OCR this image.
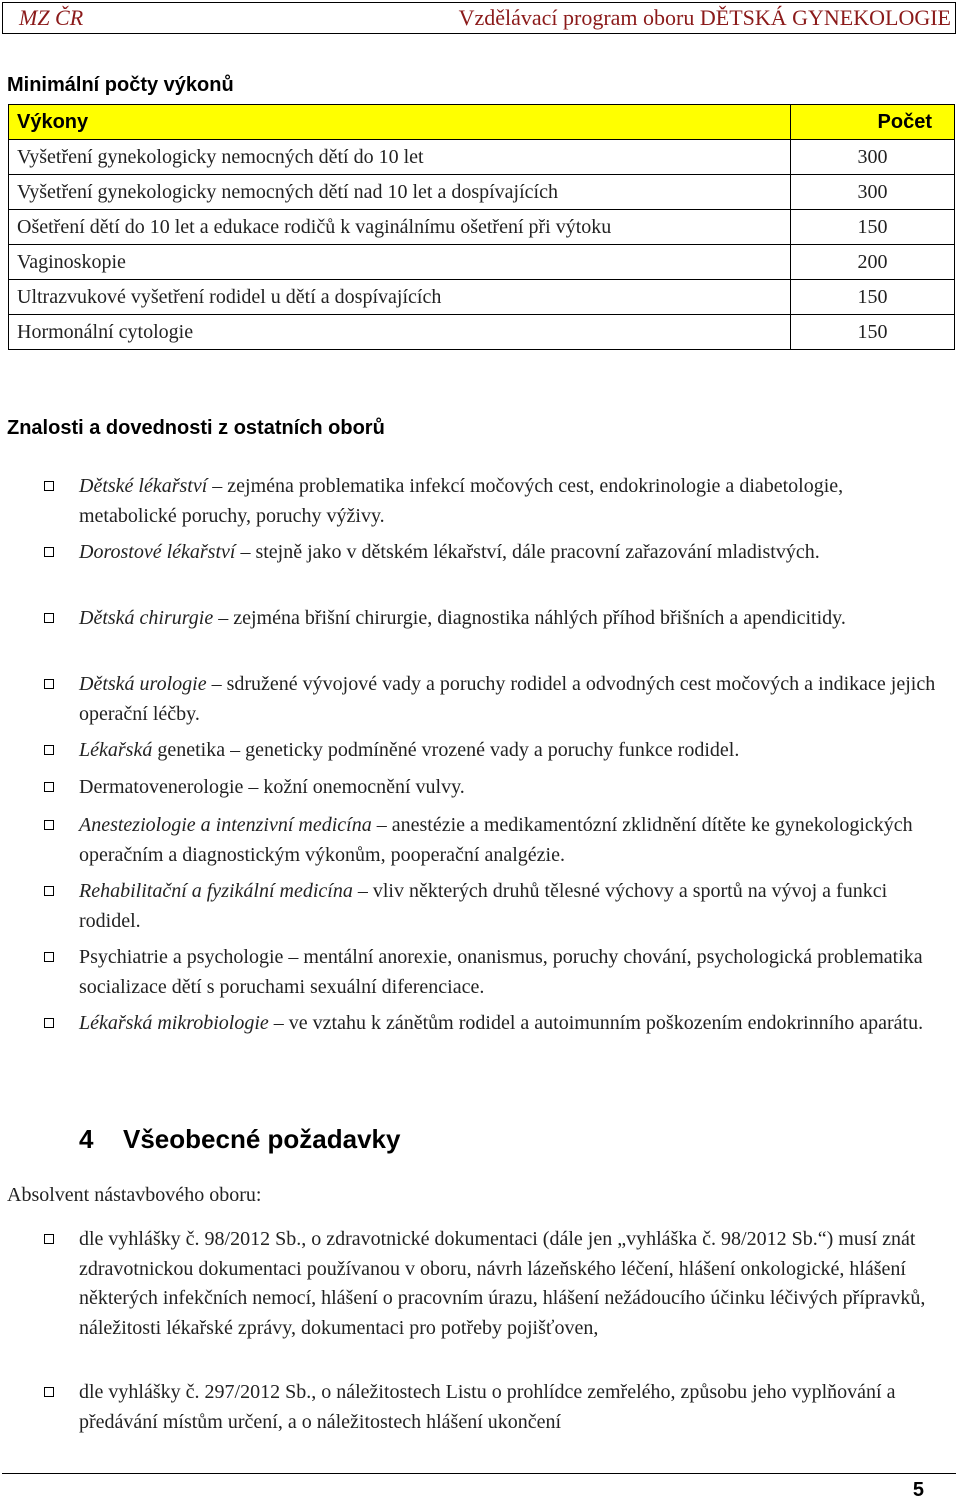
MZ ČR	Vzdělávací program oboru DĚTSKÁ GYNEKOLOGIE
Minimální počty výkonů
Výkony	Počet
Vyšetření gynekologicky nemocných dětí do 10 let	300
Vyšetření gynekologicky nemocných dětí nad 10 let a dospívajících	300
Ošetření dětí do 10 let a edukace rodičů k vaginálnímu ošetření při výtoku	150
Vaginoskopie	200
Ultrazvukové vyšetření rodidel u dětí a dospívajících	150
Hormonální cytologie	150
Znalosti a dovednosti z ostatních oborů
Dětské lékařství – zejména problematika infekcí močových cest, endokrinologie a diabetologie, metabolické poruchy, poruchy výživy.
Dorostové lékařství – stejně jako v dětském lékařství, dále pracovní zařazování mladistvých.
Dětská chirurgie – zejména břišní chirurgie, diagnostika náhlých příhod břišních a apendicitidy.
Dětská urologie – sdružené vývojové vady a poruchy rodidel a odvodných cest močových a indikace jejich operační léčby.
Lékařská genetika – geneticky podmíněné vrozené vady a poruchy funkce rodidel.
Dermatovenerologie – kožní onemocnění vulvy.
Anesteziologie a intenzivní medicína – anestézie a medikamentózní zklidnění dítěte ke gynekologických operačním a diagnostickým výkonům, pooperační analgézie.
Rehabilitační a fyzikální medicína – vliv některých druhů tělesné výchovy a sportů na vývoj a funkci rodidel.
Psychiatrie a psychologie – mentální anorexie, onanismus, poruchy chování, psychologická problematika socializace dětí s poruchami sexuální diferenciace.
Lékařská mikrobiologie – ve vztahu k zánětům rodidel a autoimunním poškozením endokrinního aparátu.
4 Všeobecné požadavky
Absolvent nástavbového oboru:
dle vyhlášky č. 98/2012 Sb., o zdravotnické dokumentaci (dále jen „vyhláška č. 98/2012 Sb.“) musí znát zdravotnickou dokumentaci používanou v oboru, návrh lázeňského léčení, hlášení onkologické, hlášení některých infekčních nemocí, hlášení o pracovním úrazu, hlášení nežádoucího účinku léčivých přípravků, náležitosti lékařské zprávy, dokumentaci pro potřeby pojišťoven,
dle vyhlášky č. 297/2012 Sb., o náležitostech Listu o prohlídce zemřelého, způsobu jeho vyplňování a předávání místům určení, a o náležitostech hlášení ukončení
5
